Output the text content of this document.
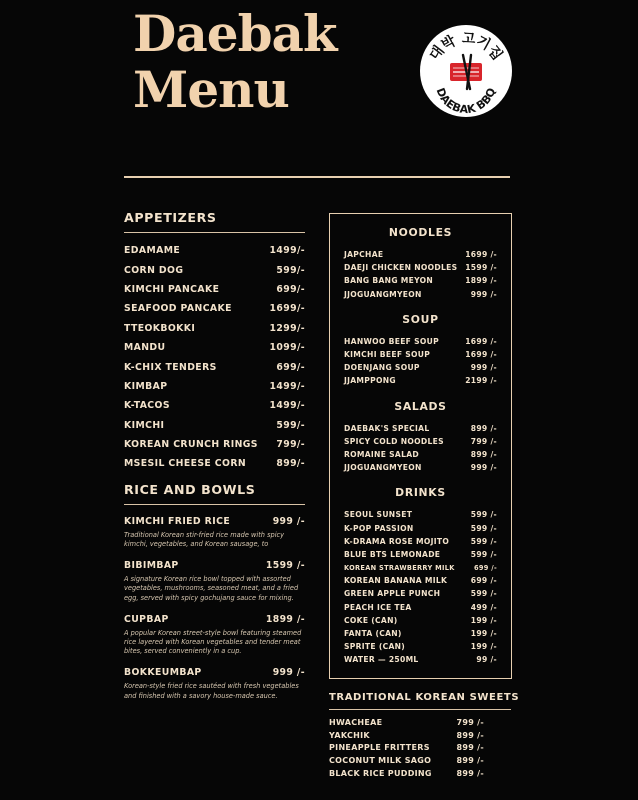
Daebak
Menu
대박 고기집
DAEBAK BBQ
APPETIZERS
EDAMAME	1499/-
CORN DOG	599/-
KIMCHI PANCAKE	699/-
SEAFOOD PANCAKE	1699/-
TTEOKBOKKI	1299/-
MANDU	1099/-
K-CHIX TENDERS	699/-
KIMBAP	1499/-
K-TACOS	1499/-
KIMCHI	599/-
KOREAN CRUNCH RINGS 799/-
MSESIL CHEESE CORN	899/-
RICE AND BOWLS
KIMCHI FRIED RICE	999 /-
Traditional Korean stir-fried rice made with spicy kimchi, vegetables, and Korean sausage, to
BIBIMBAP	1599 /-
A signature Korean rice bowl topped with assorted vegetables, mushrooms, seasoned meat, and a fried egg, served with spicy gochujang sauce for mixing.
CUPBAP	1899 /-
A popular Korean street-style bowl featuring steamed rice layered with Korean vegetables and tender meat bites, served conveniently in a cup.
BOKKEUMBAP	999 /-
Korean-style fried rice sautéed with fresh vegetables and finished with a savory house-made sauce.
NOODLES
JAPCHAE	1699 /-
DAEJI CHICKEN NOODLES 1599 /-
BANG BANG MEYON	1899 /-
JJOGUANGMYEON	999 /-
SOUP
HANWOO BEEF SOUP	1699 /-
KIMCHI BEEF SOUP	1699 /-
DOENJANG SOUP	999 /-
JJAMPPONG	2199 /-
SALADS
DAEBAK'S SPECIAL	899 /-
SPICY COLD NOODLES	799 /-
ROMAINE SALAD	899 /-
JJOGUANGMYEON	999 /-
DRINKS
SEOUL SUNSET	599 /-
K-POP PASSION	599 /-
K-DRAMA ROSE MOJITO	599 /-
BLUE BTS LEMONADE	599 /-
KOREAN STRAWBERRY MILK	699 /-
KOREAN BANANA MILK	699 /-
GREEN APPLE PUNCH	599 /-
PEACH ICE TEA	499 /-
COKE (CAN)	199 /-
FANTA (CAN)	199 /-
SPRITE (CAN)	199 /-
WATER — 250ML	99 /-
TRADITIONAL KOREAN SWEETS
HWACHEAE	799 /-
YAKCHIK	899 /-
PINEAPPLE FRITTERS	899 /-
COCONUT MILK SAGO	899 /-
BLACK RICE PUDDING	899 /-
